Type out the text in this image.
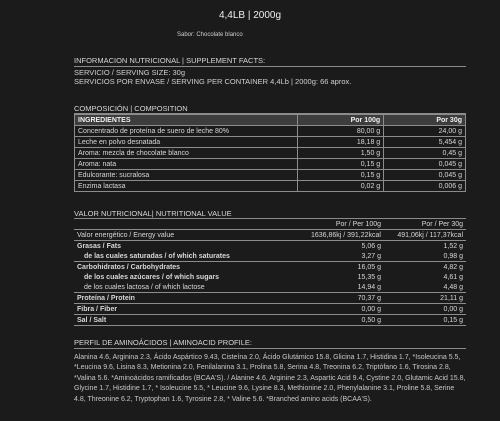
4,4LB | 2000g
Sabor: Chocolate blanco
INFORMACION NUTRICIONAL | SUPPLEMENT FACTS:
SERVICIO / SERVING SIZE: 30g
SERVICIOS POR ENVASE / SERVING PER CONTAINER 4,4Lb | 2000g: 66 aprox.
COMPOSICIÓN | COMPOSITION
INGREDIENTES	Por 100g	Por 30g
Concentrado de proteína de suero de leche 80%	80,00 g	24,00 g
Leche en polvo desnatada	18,18 g	5,454 g
Aroma: mezcla de chocolate blanco	1,50 g	0,45 g
Aroma: nata	0,15 g	0,045 g
Edulcorante: sucralosa	0,15 g	0,045 g
Enzima lactasa	0,02 g	0,006 g
VALOR NUTRICIONAL| NUTRITIONAL VALUE
	Por / Per 100g	Por / Per 30g
Valor energético / Energy value	1636,86kj / 391,22kcal	491,06kj / 117,37kcal
Grasas / Fats	5,06 g	1,52 g
de las cuales saturadas / of which saturates	3,27 g	0,98 g
Carbohidratos / Carbohydrates	16,05 g	4,82 g
de los cuales azúcares / of which sugars	15,35 g	4,61 g
de los cuales lactosa / of which lactose	14,94 g	4,48 g
Proteína / Protein	70,37 g	21,11 g
Fibra / Fiber	0,00 g	0,00 g
Sal / Salt	0,50 g	0,15 g
PERFIL DE AMINOÁCIDOS | AMINOACID PROFILE:
Alanina 4.6, Arginina 2.3, Ácido Aspártico 9.43, Cisteína 2.0, Ácido Glutámico 15.8, Glicina 1.7, Histidina 1.7, *Isoleucina 5.5, *Leucina 9.6, Lisina 8.3, Metionina 2.0, Fenilalanina 3.1, Prolina 5.8, Serina 4.8, Treonina 6.2, Triptófano 1.6, Tirosina 2.8, *Valina 5.6. *Aminoácidos ramificados (BCAA'S). / Alanine 4.6, Arginine 2.3, Aspartic Acid 9.4, Cystine 2.0, Glutamic Acid 15.8, Glycine 1.7, Histidine 1.7, * Isoleucine 5.5, * Leucine 9.6, Lysine 8.3, Methionine 2.0, Phenylalanine 3.1, Proline 5.8, Serine 4.8, Threonine 6.2, Tryptophan 1.6, Tyrosine 2.8, * Valine 5.6. *Branched amino acids (BCAA'S).
